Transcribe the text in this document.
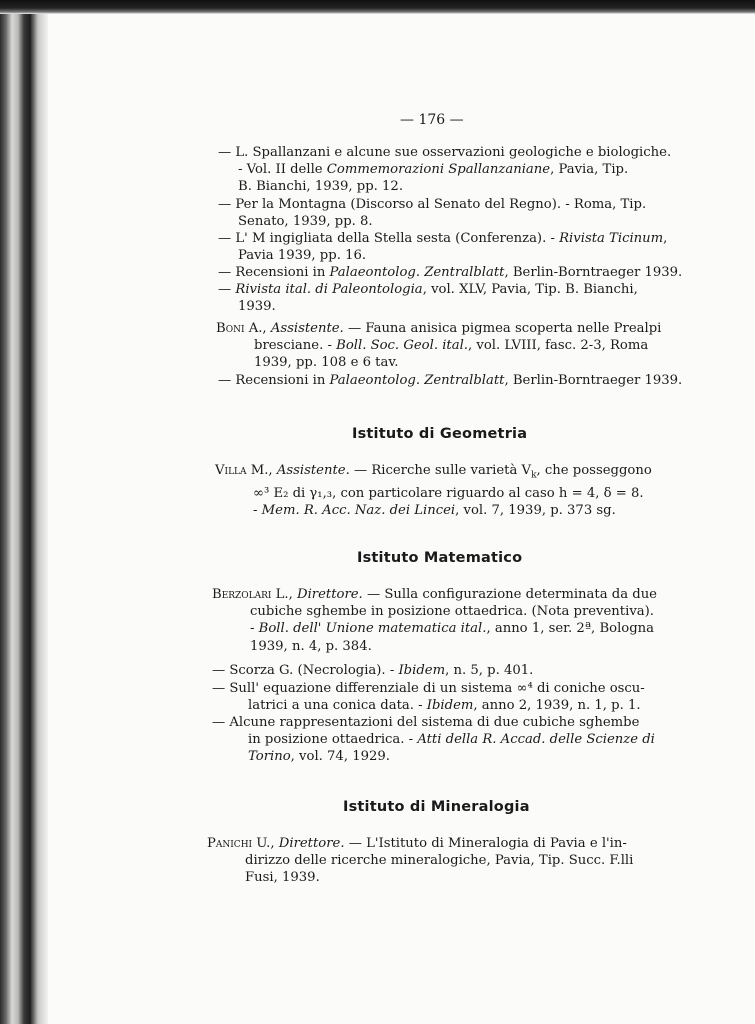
— 176 —
— L. Spallanzani e alcune sue osservazioni geologiche e biologiche.
- Vol. II delle Commemorazioni Spallanzaniane, Pavia, Tip.
B. Bianchi, 1939, pp. 12.
— Per la Montagna (Discorso al Senato del Regno). - Roma, Tip.
Senato, 1939, pp. 8.
— L' M ingigliata della Stella sesta (Conferenza). - Rivista Ticinum,
Pavia 1939, pp. 16.
— Recensioni in Palaeontolog. Zentralblatt, Berlin-Borntraeger 1939.
— Rivista ital. di Paleontologia, vol. XLV, Pavia, Tip. B. Bianchi,
1939.
Boni A., Assistente. — Fauna anisica pigmea scoperta nelle Prealpi
bresciane. - Boll. Soc. Geol. ital., vol. LVIII, fasc. 2-3, Roma
1939, pp. 108 e 6 tav.
— Recensioni in Palaeontolog. Zentralblatt, Berlin-Borntraeger 1939.
Istituto di Geometria
Villa M., Assistente. — Ricerche sulle varietà $V_k$, che posseggono
∞³ E₂ di γ₁,₃, con particolare riguardo al caso h = 4, δ = 8.
- Mem. R. Acc. Naz. dei Lincei, vol. 7, 1939, p. 373 sg.
Istituto Matematico
Berzolari L., Direttore. — Sulla configurazione determinata da due
cubiche sghembe in posizione ottaedrica. (Nota preventiva).
- Boll. dell' Unione matematica ital., anno 1, ser. 2ª, Bologna
1939, n. 4, p. 384.
— Scorza G. (Necrologia). - Ibidem, n. 5, p. 401.
— Sull' equazione differenziale di un sistema ∞⁴ di coniche oscu-
latrici a una conica data. - Ibidem, anno 2, 1939, n. 1, p. 1.
— Alcune rappresentazioni del sistema di due cubiche sghembe
in posizione ottaedrica. - Atti della R. Accad. delle Scienze di
Torino, vol. 74, 1929.
Istituto di Mineralogia
Panichi U., Direttore. — L'Istituto di Mineralogia di Pavia e l'in-
dirizzo delle ricerche mineralogiche, Pavia, Tip. Succ. F.lli
Fusi, 1939.
